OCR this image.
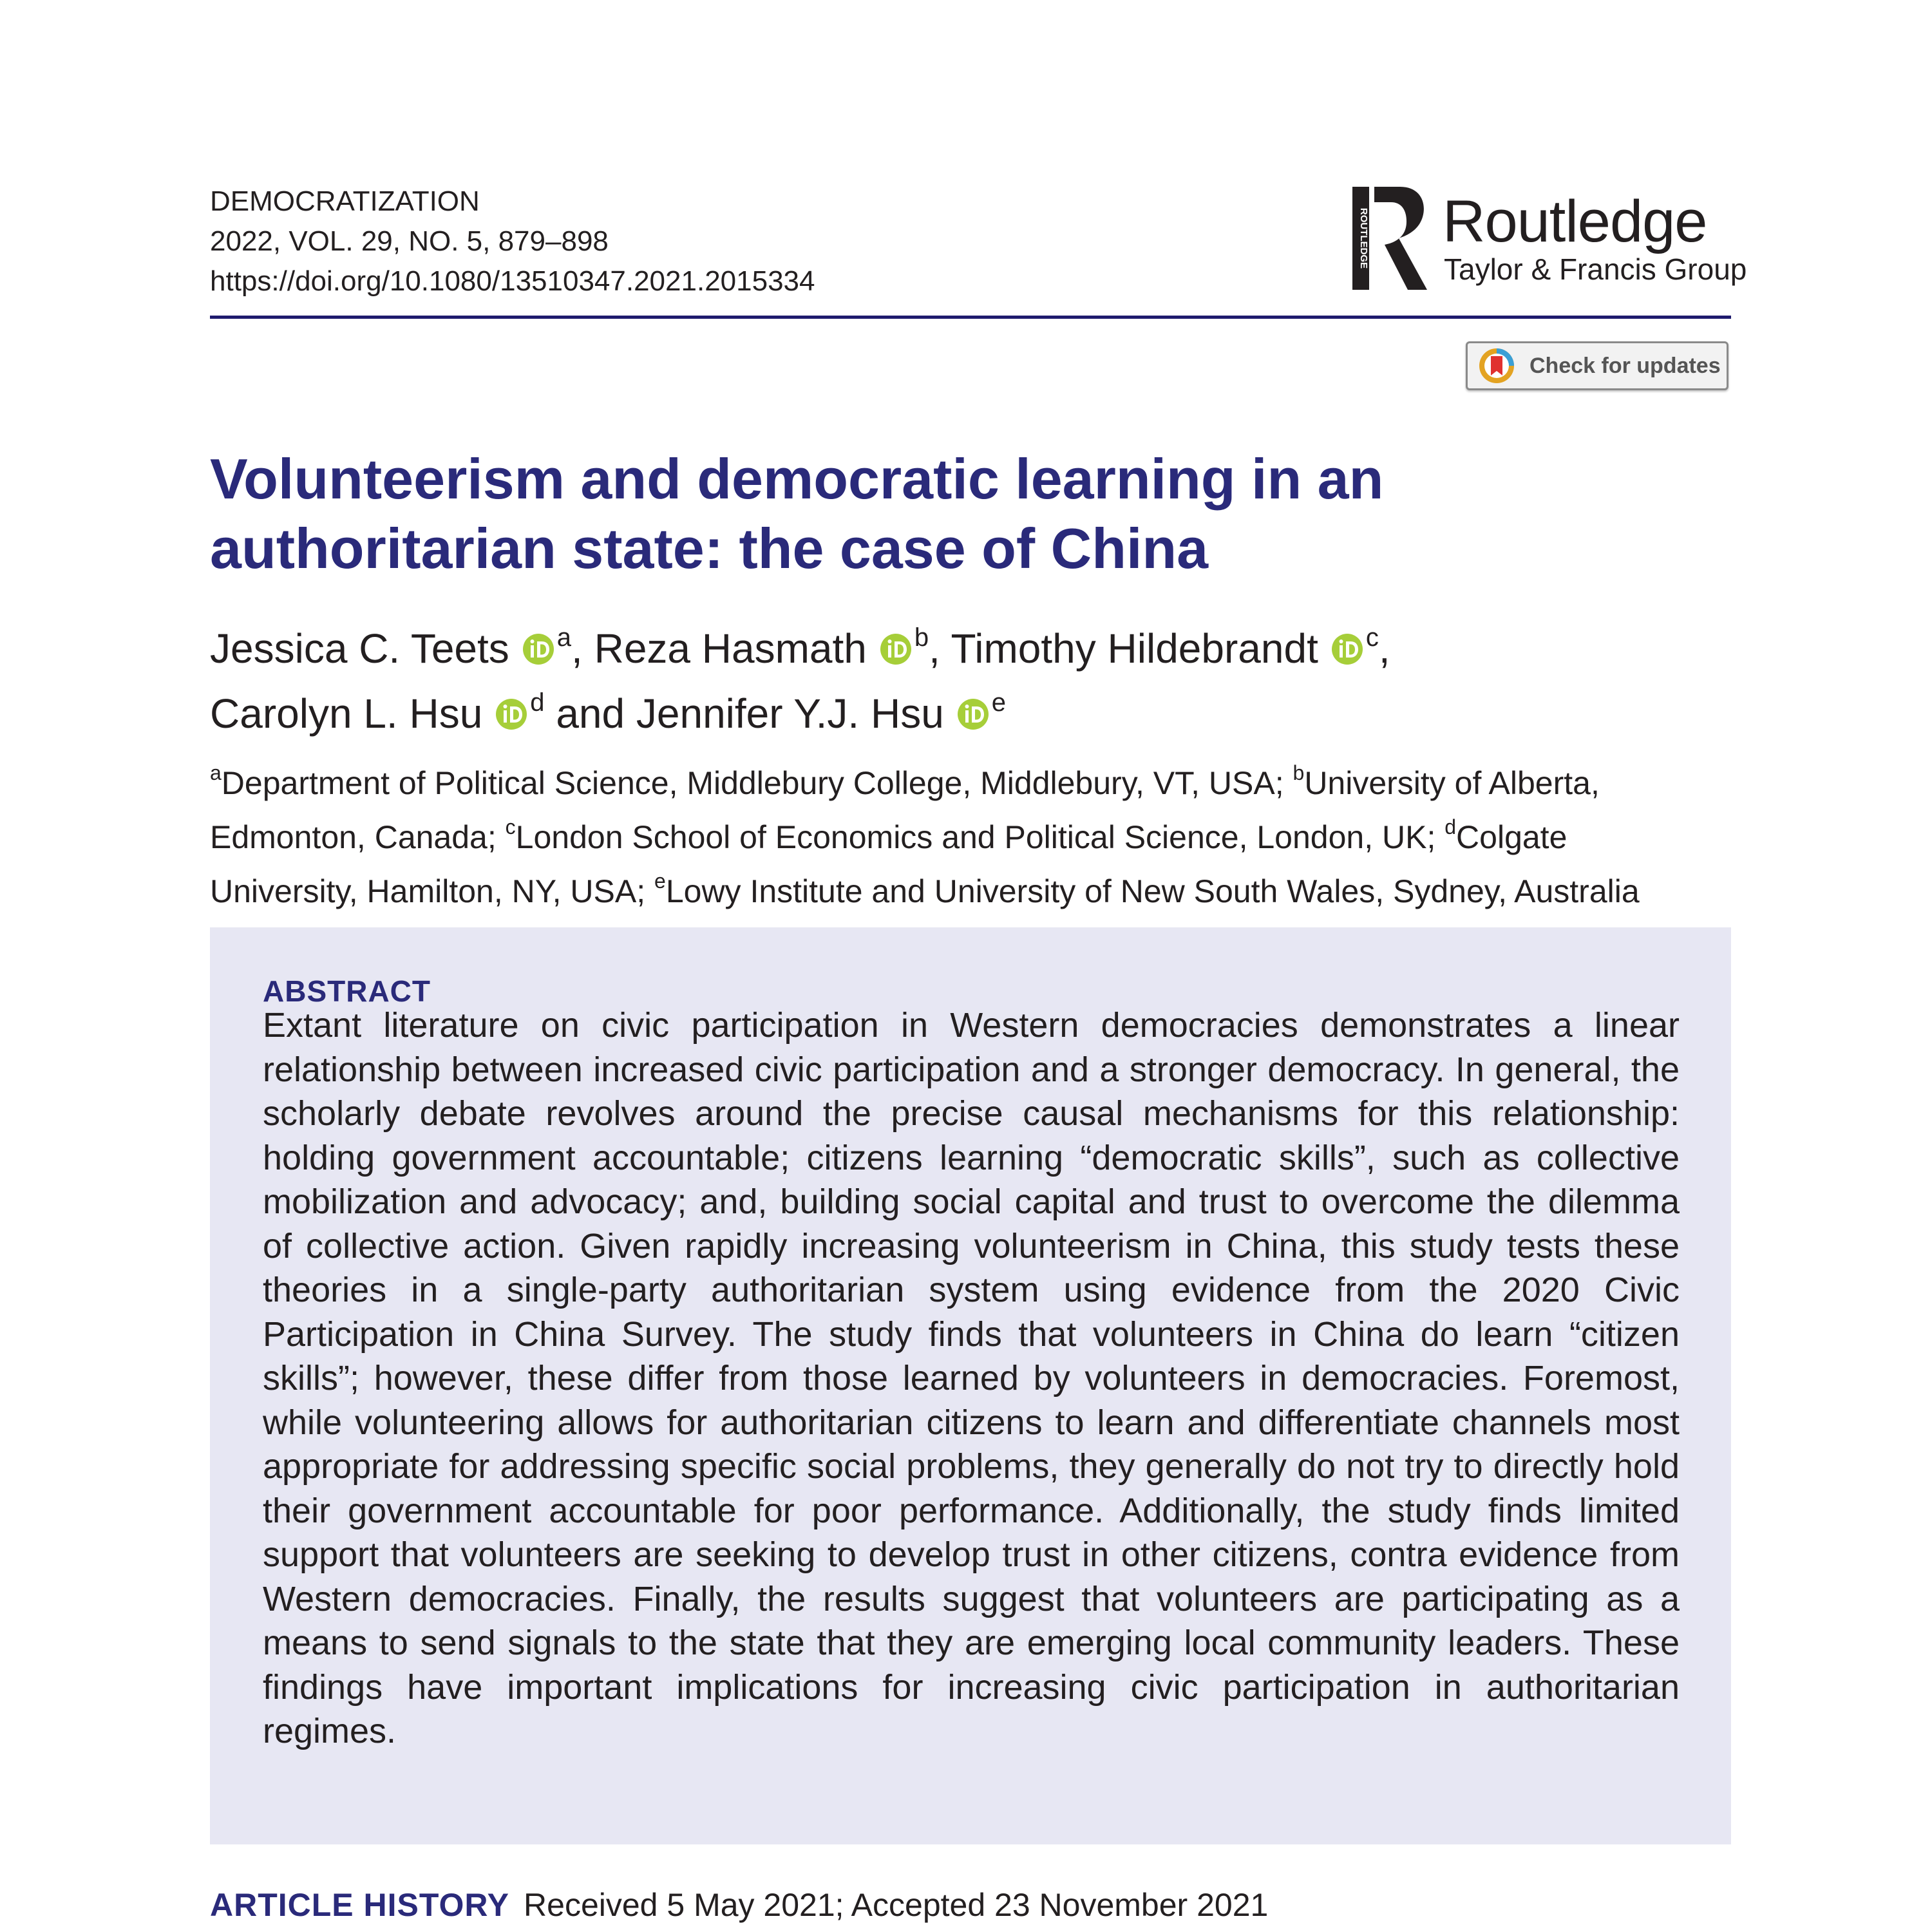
DEMOCRATIZATION
2022, VOL. 29, NO. 5, 879–898
https://doi.org/10.1080/13510347.2021.2015334
ROUTLEDGE Routledge
Taylor & Francis Group
Check for updates
Volunteerism and democratic learning in an
authoritarian state: the case of China
Jessica C. Teets $^a$, Reza Hasmath $^b$, Timothy Hildebrandt $^c$,
Carolyn L. Hsu $^d$ and Jennifer Y.J. Hsu $^e$
$^a$Department of Political Science, Middlebury College, Middlebury, VT, USA; $^b$University of Alberta,
Edmonton, Canada; $^c$London School of Economics and Political Science, London, UK; $^d$Colgate
University, Hamilton, NY, USA; $^e$Lowy Institute and University of New South Wales, Sydney, Australia
ABSTRACT
Extant literature on civic participation in Western democracies demonstrates a linear relationship between increased civic participation and a stronger democracy. In general, the scholarly debate revolves around the precise causal mechanisms for this relationship: holding government accountable; citizens learning “democratic skills”, such as collective mobilization and advocacy; and, building social capital and trust to overcome the dilemma of collective action. Given rapidly increasing volunteerism in China, this study tests these theories in a single-party authoritarian system using evidence from the 2020 Civic Participation in China Survey. The study finds that volunteers in China do learn “citizen skills”; however, these differ from those learned by volunteers in democracies. Foremost, while volunteering allows for authoritarian citizens to learn and differentiate channels most appropriate for addressing specific social problems, they generally do not try to directly hold their government accountable for poor performance. Additionally, the study finds limited support that volunteers are seeking to develop trust in other citizens, contra evidence from Western democracies. Finally, the results suggest that volunteers are participating as a means to send signals to the state that they are emerging local community leaders. These findings have important implications for increasing civic participation in authoritarian regimes.
ARTICLE HISTORY Received 5 May 2021; Accepted 23 November 2021
